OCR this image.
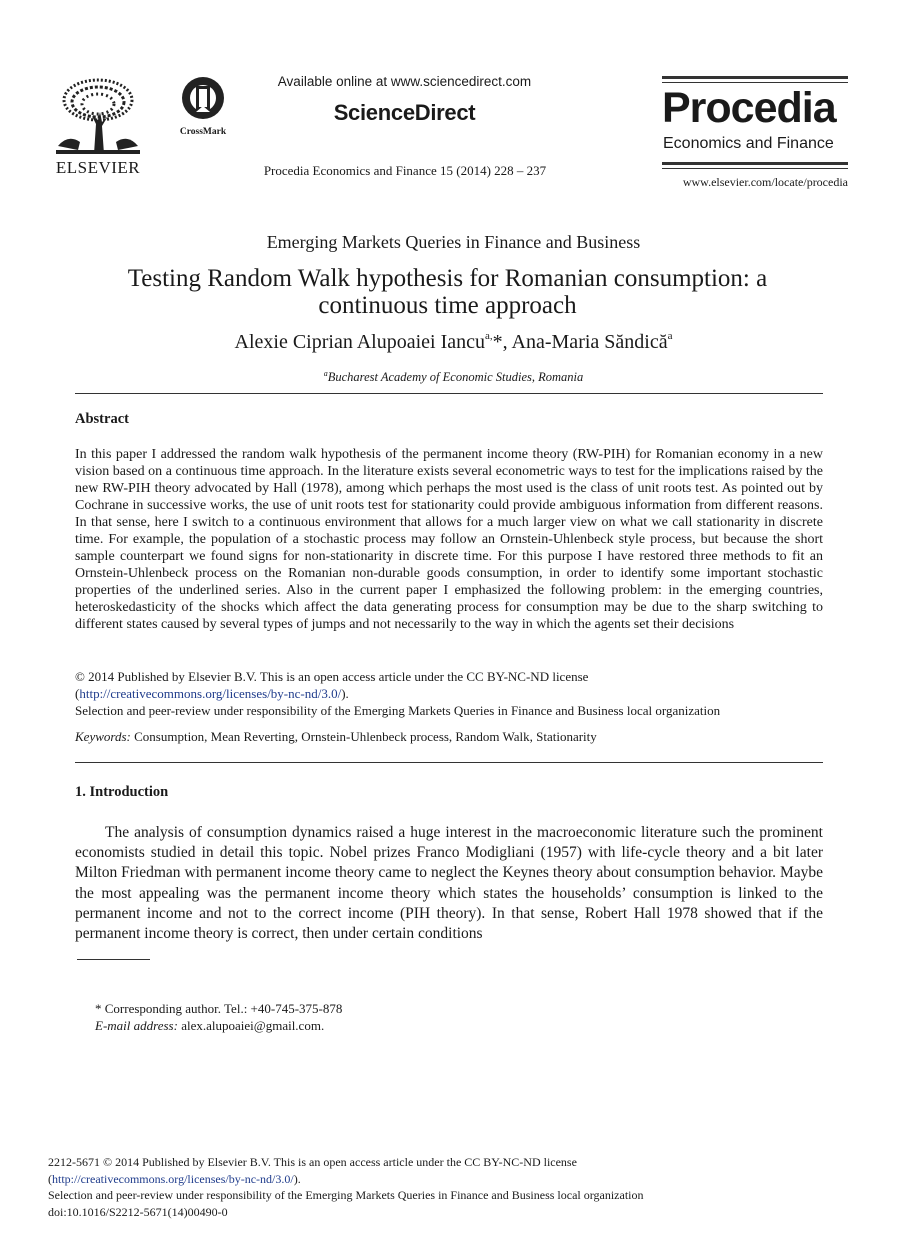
ELSEVIER
CrossMark
Available online at www.sciencedirect.com
ScienceDirect
Procedia Economics and Finance 15 (2014) 228 – 237
Procedia
Economics and Finance
www.elsevier.com/locate/procedia
Emerging Markets Queries in Finance and Business
Testing Random Walk hypothesis for Romanian consumption: a continuous time approach
Alexie Ciprian Alupoaiei Iancu$^{a,}$*, Ana-Maria Săndică$^a$
$^a$Bucharest Academy of Economic Studies, Romania
Abstract
In this paper I addressed the random walk hypothesis of the permanent income theory (RW-PIH) for Romanian economy in a new vision based on a continuous time approach. In the literature exists several econometric ways to test for the implications raised by the new RW-PIH theory advocated by Hall (1978), among which perhaps the most used is the class of unit roots test. As pointed out by Cochrane in successive works, the use of unit roots test for stationarity could provide ambiguous information from different reasons. In that sense, here I switch to a continuous environment that allows for a much larger view on what we call stationarity in discrete time. For example, the population of a stochastic process may follow an Ornstein-Uhlenbeck style process, but because the short sample counterpart we found signs for non-stationarity in discrete time. For this purpose I have restored three methods to fit an Ornstein-Uhlenbeck process on the Romanian non-durable goods consumption, in order to identify some important stochastic properties of the underlined series. Also in the current paper I emphasized the following problem: in the emerging countries, heteroskedasticity of the shocks which affect the data generating process for consumption may be due to the sharp switching to different states caused by several types of jumps and not necessarily to the way in which the agents set their decisions
© 2014 Published by Elsevier B.V. This is an open access article under the CC BY-NC-ND license
(http://creativecommons.org/licenses/by-nc-nd/3.0/).
Selection and peer-review under responsibility of the Emerging Markets Queries in Finance and Business local organization
Keywords: Consumption, Mean Reverting, Ornstein-Uhlenbeck process, Random Walk, Stationarity
1. Introduction
The analysis of consumption dynamics raised a huge interest in the macroeconomic literature such the prominent economists studied in detail this topic. Nobel prizes Franco Modigliani (1957) with life-cycle theory and a bit later Milton Friedman with permanent income theory came to neglect the Keynes theory about consumption behavior. Maybe the most appealing was the permanent income theory which states the households’ consumption is linked to the permanent income and not to the correct income (PIH theory). In that sense, Robert Hall 1978 showed that if the permanent income theory is correct, then under certain conditions
* Corresponding author. Tel.: +40-745-375-878
E-mail address: alex.alupoaiei@gmail.com.
2212-5671 © 2014 Published by Elsevier B.V. This is an open access article under the CC BY-NC-ND license
(http://creativecommons.org/licenses/by-nc-nd/3.0/).
Selection and peer-review under responsibility of the Emerging Markets Queries in Finance and Business local organization
doi:10.1016/S2212-5671(14)00490-0
